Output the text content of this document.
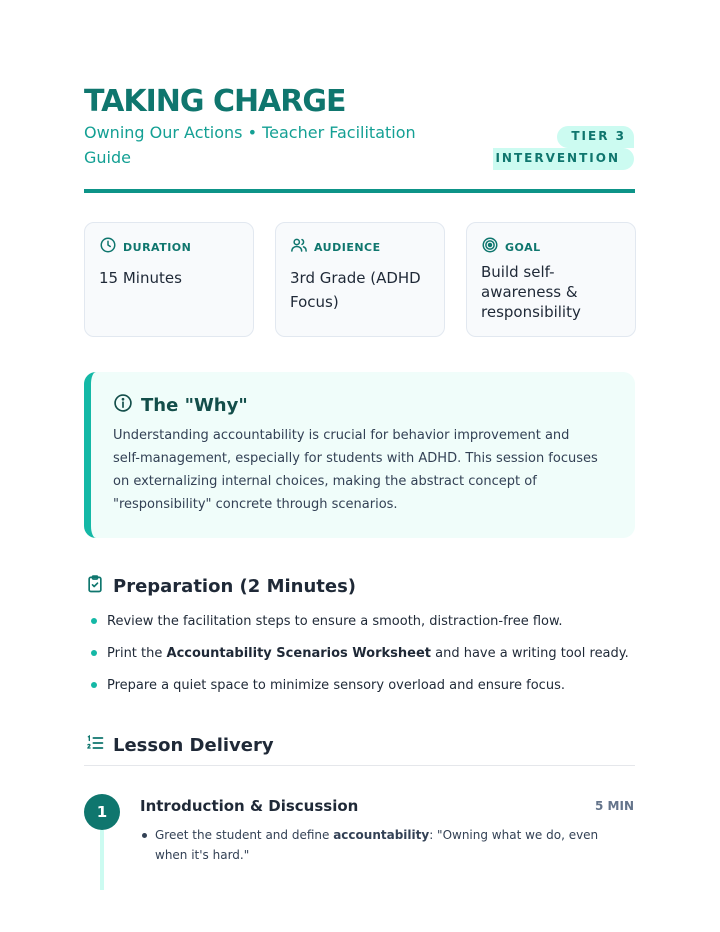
TAKING CHARGE
Owning Our Actions • Teacher Facilitation Guide
TIER 3
INTERVENTION
DURATION
15 Minutes
AUDIENCE
3rd Grade (ADHD Focus)
GOAL
Build self-awareness & responsibility
The "Why"
Understanding accountability is crucial for behavior improvement and self-management, especially for students with ADHD. This session focuses on externalizing internal choices, making the abstract concept of "responsibility" concrete through scenarios.
Preparation (2 Minutes)
Review the facilitation steps to ensure a smooth, distraction-free flow.
Print the Accountability Scenarios Worksheet and have a writing tool ready.
Prepare a quiet space to minimize sensory overload and ensure focus.
Lesson Delivery
1	Introduction & Discussion	5 MIN
Greet the student and define accountability: "Owning what we do, even when it's hard."
